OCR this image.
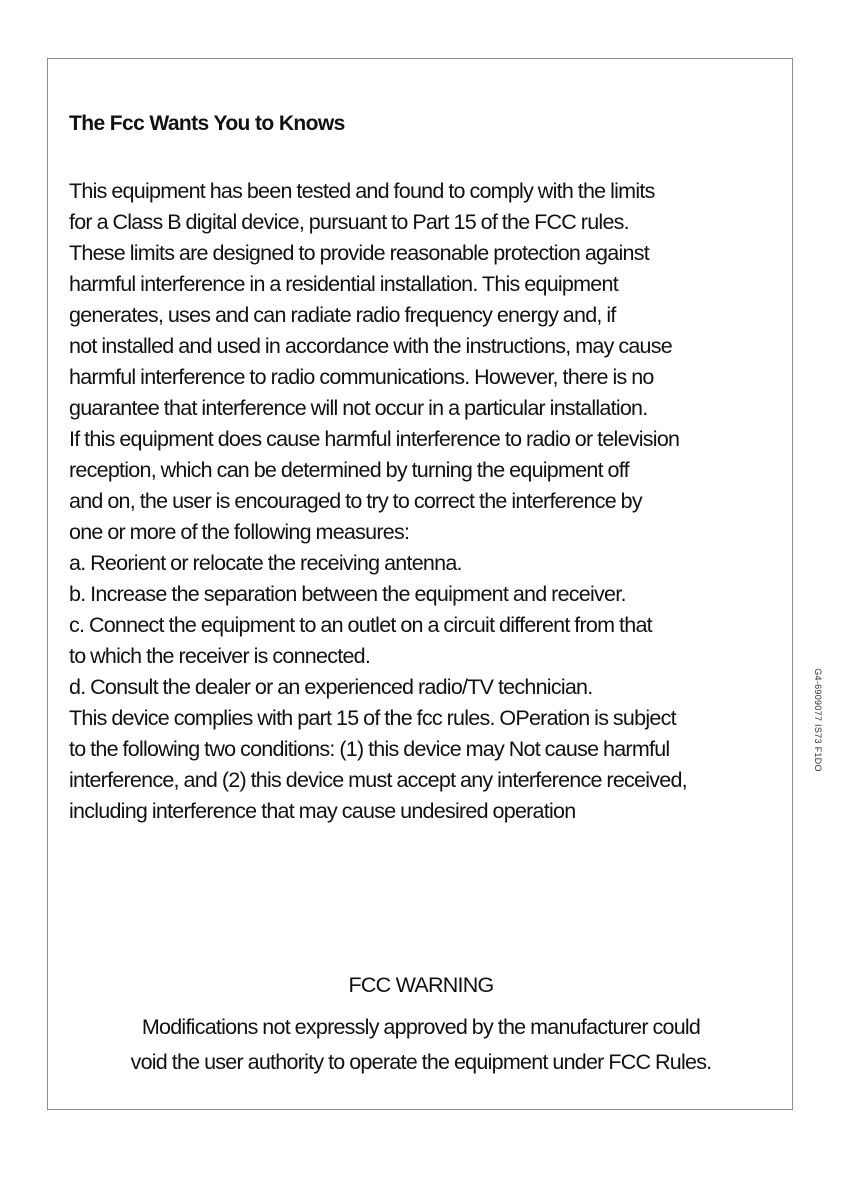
The Fcc Wants You to Knows
This equipment has been tested and found to comply with the limits
for a Class B digital device, pursuant to Part 15 of the FCC rules.
These limits are designed to provide reasonable protection against
harmful interference in a residential installation. This equipment
generates, uses and can radiate radio frequency energy and, if
not installed and used in accordance with the instructions, may cause
harmful interference to radio communications. However, there is no
guarantee that interference will not occur in a particular installation.
If this equipment does cause harmful interference to radio or television
reception, which can be determined by turning the equipment off
and on, the user is encouraged to try to correct the interference by
one or more of the following measures:
a. Reorient or relocate the receiving antenna.
b. Increase the separation between the equipment and receiver.
c. Connect the equipment to an outlet on a circuit different from that
to which the receiver is connected.
d. Consult the dealer or an experienced radio/TV technician.
This device complies with part 15 of the fcc rules. OPeration is subject
to the following two conditions: (1) this device may Not cause harmful
interference, and (2) this device must accept any interference received,
including interference that may cause undesired operation
FCC WARNING
Modifications not expressly approved by the manufacturer could
void the user authority to operate the equipment under FCC Rules.
G4-6909077 IS73 F1DO
